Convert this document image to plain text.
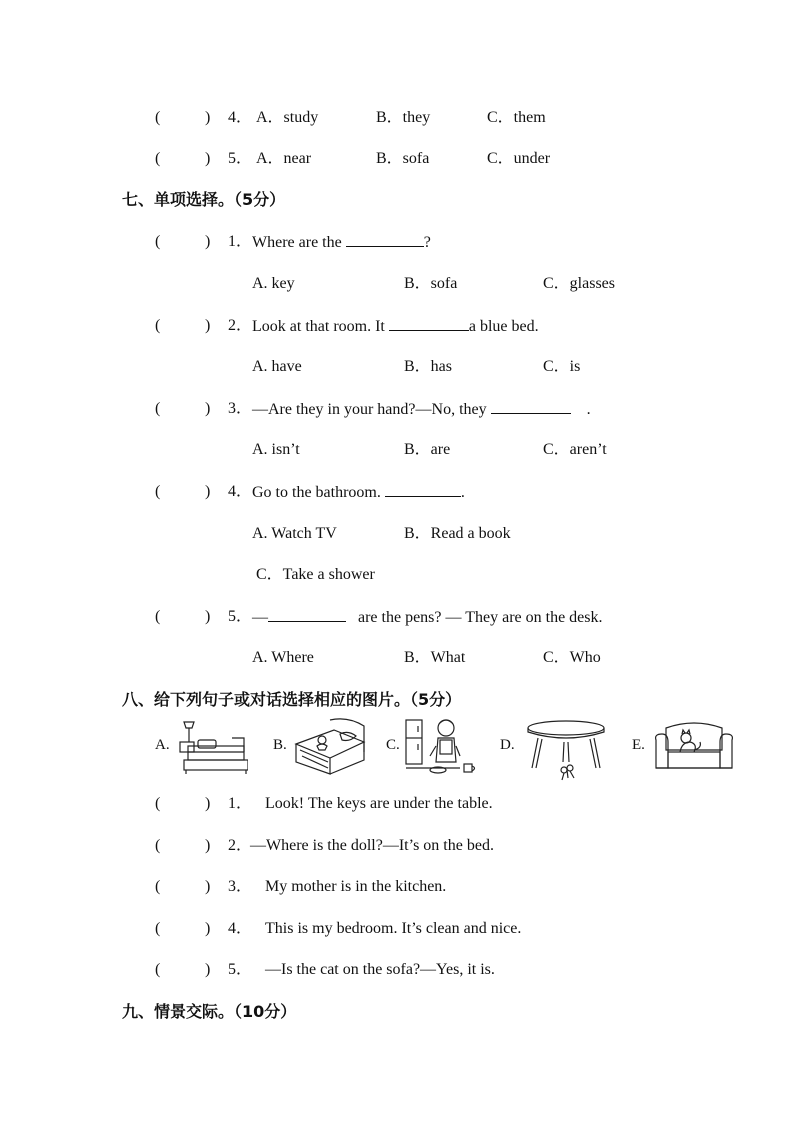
(	) 4． A．study	B．they	C．them
(	) 5． A．near	B．sofa	C．under
七、单项选择。（5分）
(	) 1． Where are the	?
A. key	B．sofa	C．glasses
(	) 2． Look at that room. It	a blue bed.
A. have	B．has	C．is
(	) 3． —Are they in your hand?—No, they	.
A. isn’t	B．are	C．aren’t
(	) 4． Go to the bathroom.	.
A. Watch TV	B．Read a book
C．Take a shower
(	) 5． —	are the pens? — They are on the desk.
A. Where	B．What	C．Who
八、给下列句子或对话选择相应的图片。（5分）
A.	B.	C.	D.	E.
(	) 1． Look! The keys are under the table.
(	) 2．
—Where is the doll?—It’s on the bed.
(	) 3． My mother is in the kitchen.
(	) 4． This is my bedroom. It’s clean and nice.
(	) 5． —Is the cat on the sofa?—Yes, it is.
九、情景交际。（10分）
